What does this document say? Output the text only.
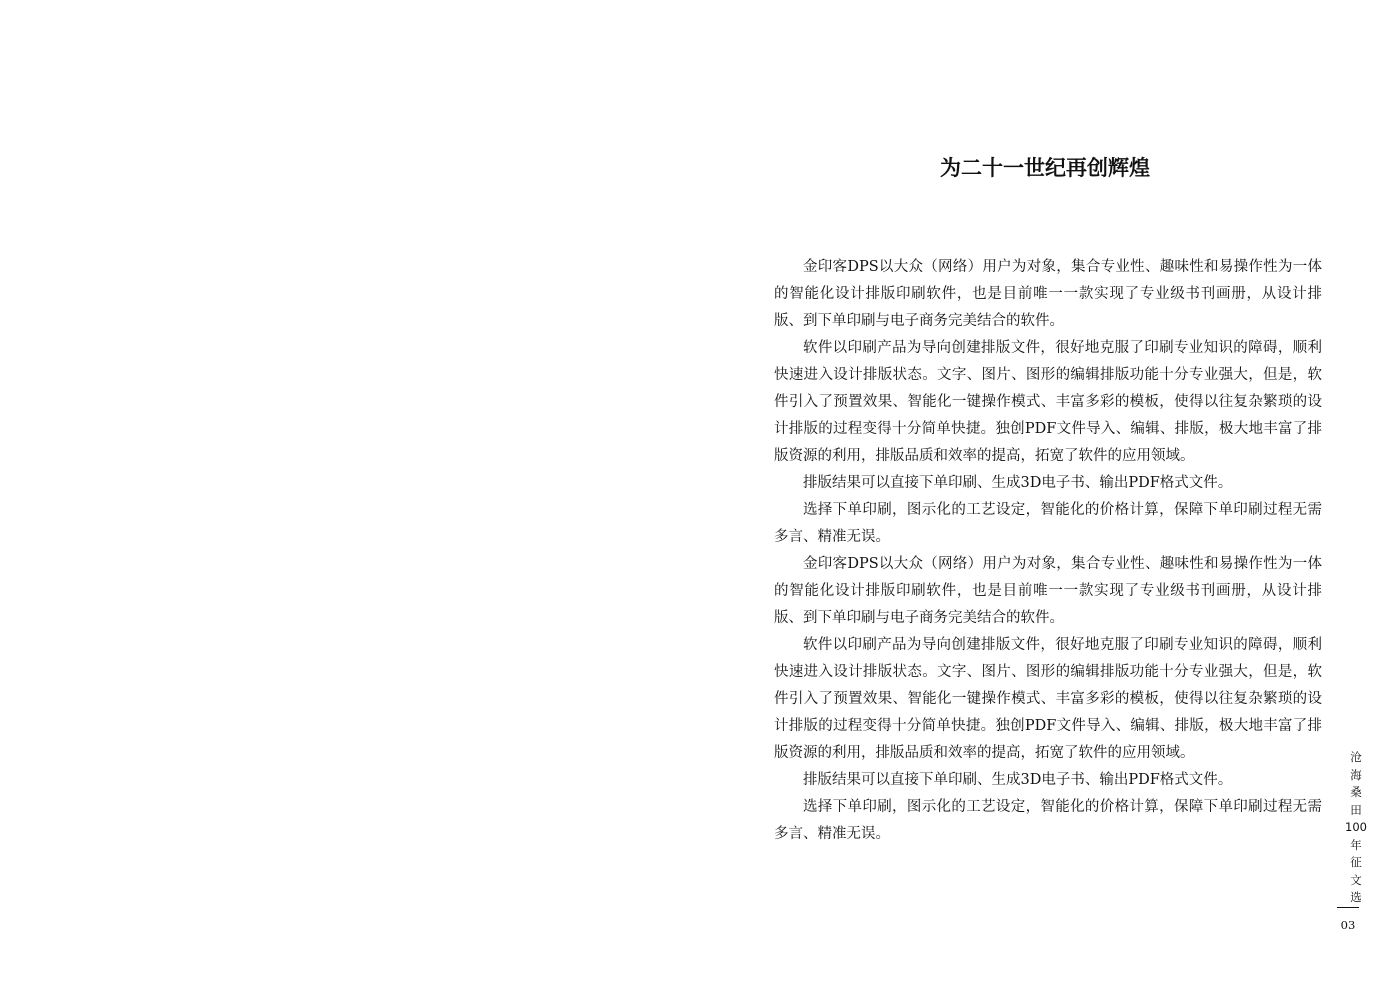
为二十一世纪再创辉煌

金印客DPS以大众（网络）用户为对象，集合专业性、趣味性和易操作性为一体的智能化设计排版印刷软件，也是目前唯一一款实现了专业级书刊画册，从设计排版、到下单印刷与电子商务完美结合的软件。

软件以印刷产品为导向创建排版文件，很好地克服了印刷专业知识的障碍，顺利快速进入设计排版状态。文字、图片、图形的编辑排版功能十分专业强大，但是，软件引入了预置效果、智能化一键操作模式、丰富多彩的模板，使得以往复杂繁琐的设计排版的过程变得十分简单快捷。独创PDF文件导入、编辑、排版，极大地丰富了排版资源的利用，排版品质和效率的提高，拓宽了软件的应用领域。

排版结果可以直接下单印刷、生成3D电子书、输出PDF格式文件。

选择下单印刷，图示化的工艺设定，智能化的价格计算，保障下单印刷过程无需多言、精准无误。

金印客DPS以大众（网络）用户为对象，集合专业性、趣味性和易操作性为一体的智能化设计排版印刷软件，也是目前唯一一款实现了专业级书刊画册，从设计排版、到下单印刷与电子商务完美结合的软件。

软件以印刷产品为导向创建排版文件，很好地克服了印刷专业知识的障碍，顺利快速进入设计排版状态。文字、图片、图形的编辑排版功能十分专业强大，但是，软件引入了预置效果、智能化一键操作模式、丰富多彩的模板，使得以往复杂繁琐的设计排版的过程变得十分简单快捷。独创PDF文件导入、编辑、排版，极大地丰富了排版资源的利用，排版品质和效率的提高，拓宽了软件的应用领域。

排版结果可以直接下单印刷、生成3D电子书、输出PDF格式文件。

选择下单印刷，图示化的工艺设定，智能化的价格计算，保障下单印刷过程无需多言、精准无误。

沧
海
桑
田
100
年
征
文
选
03
